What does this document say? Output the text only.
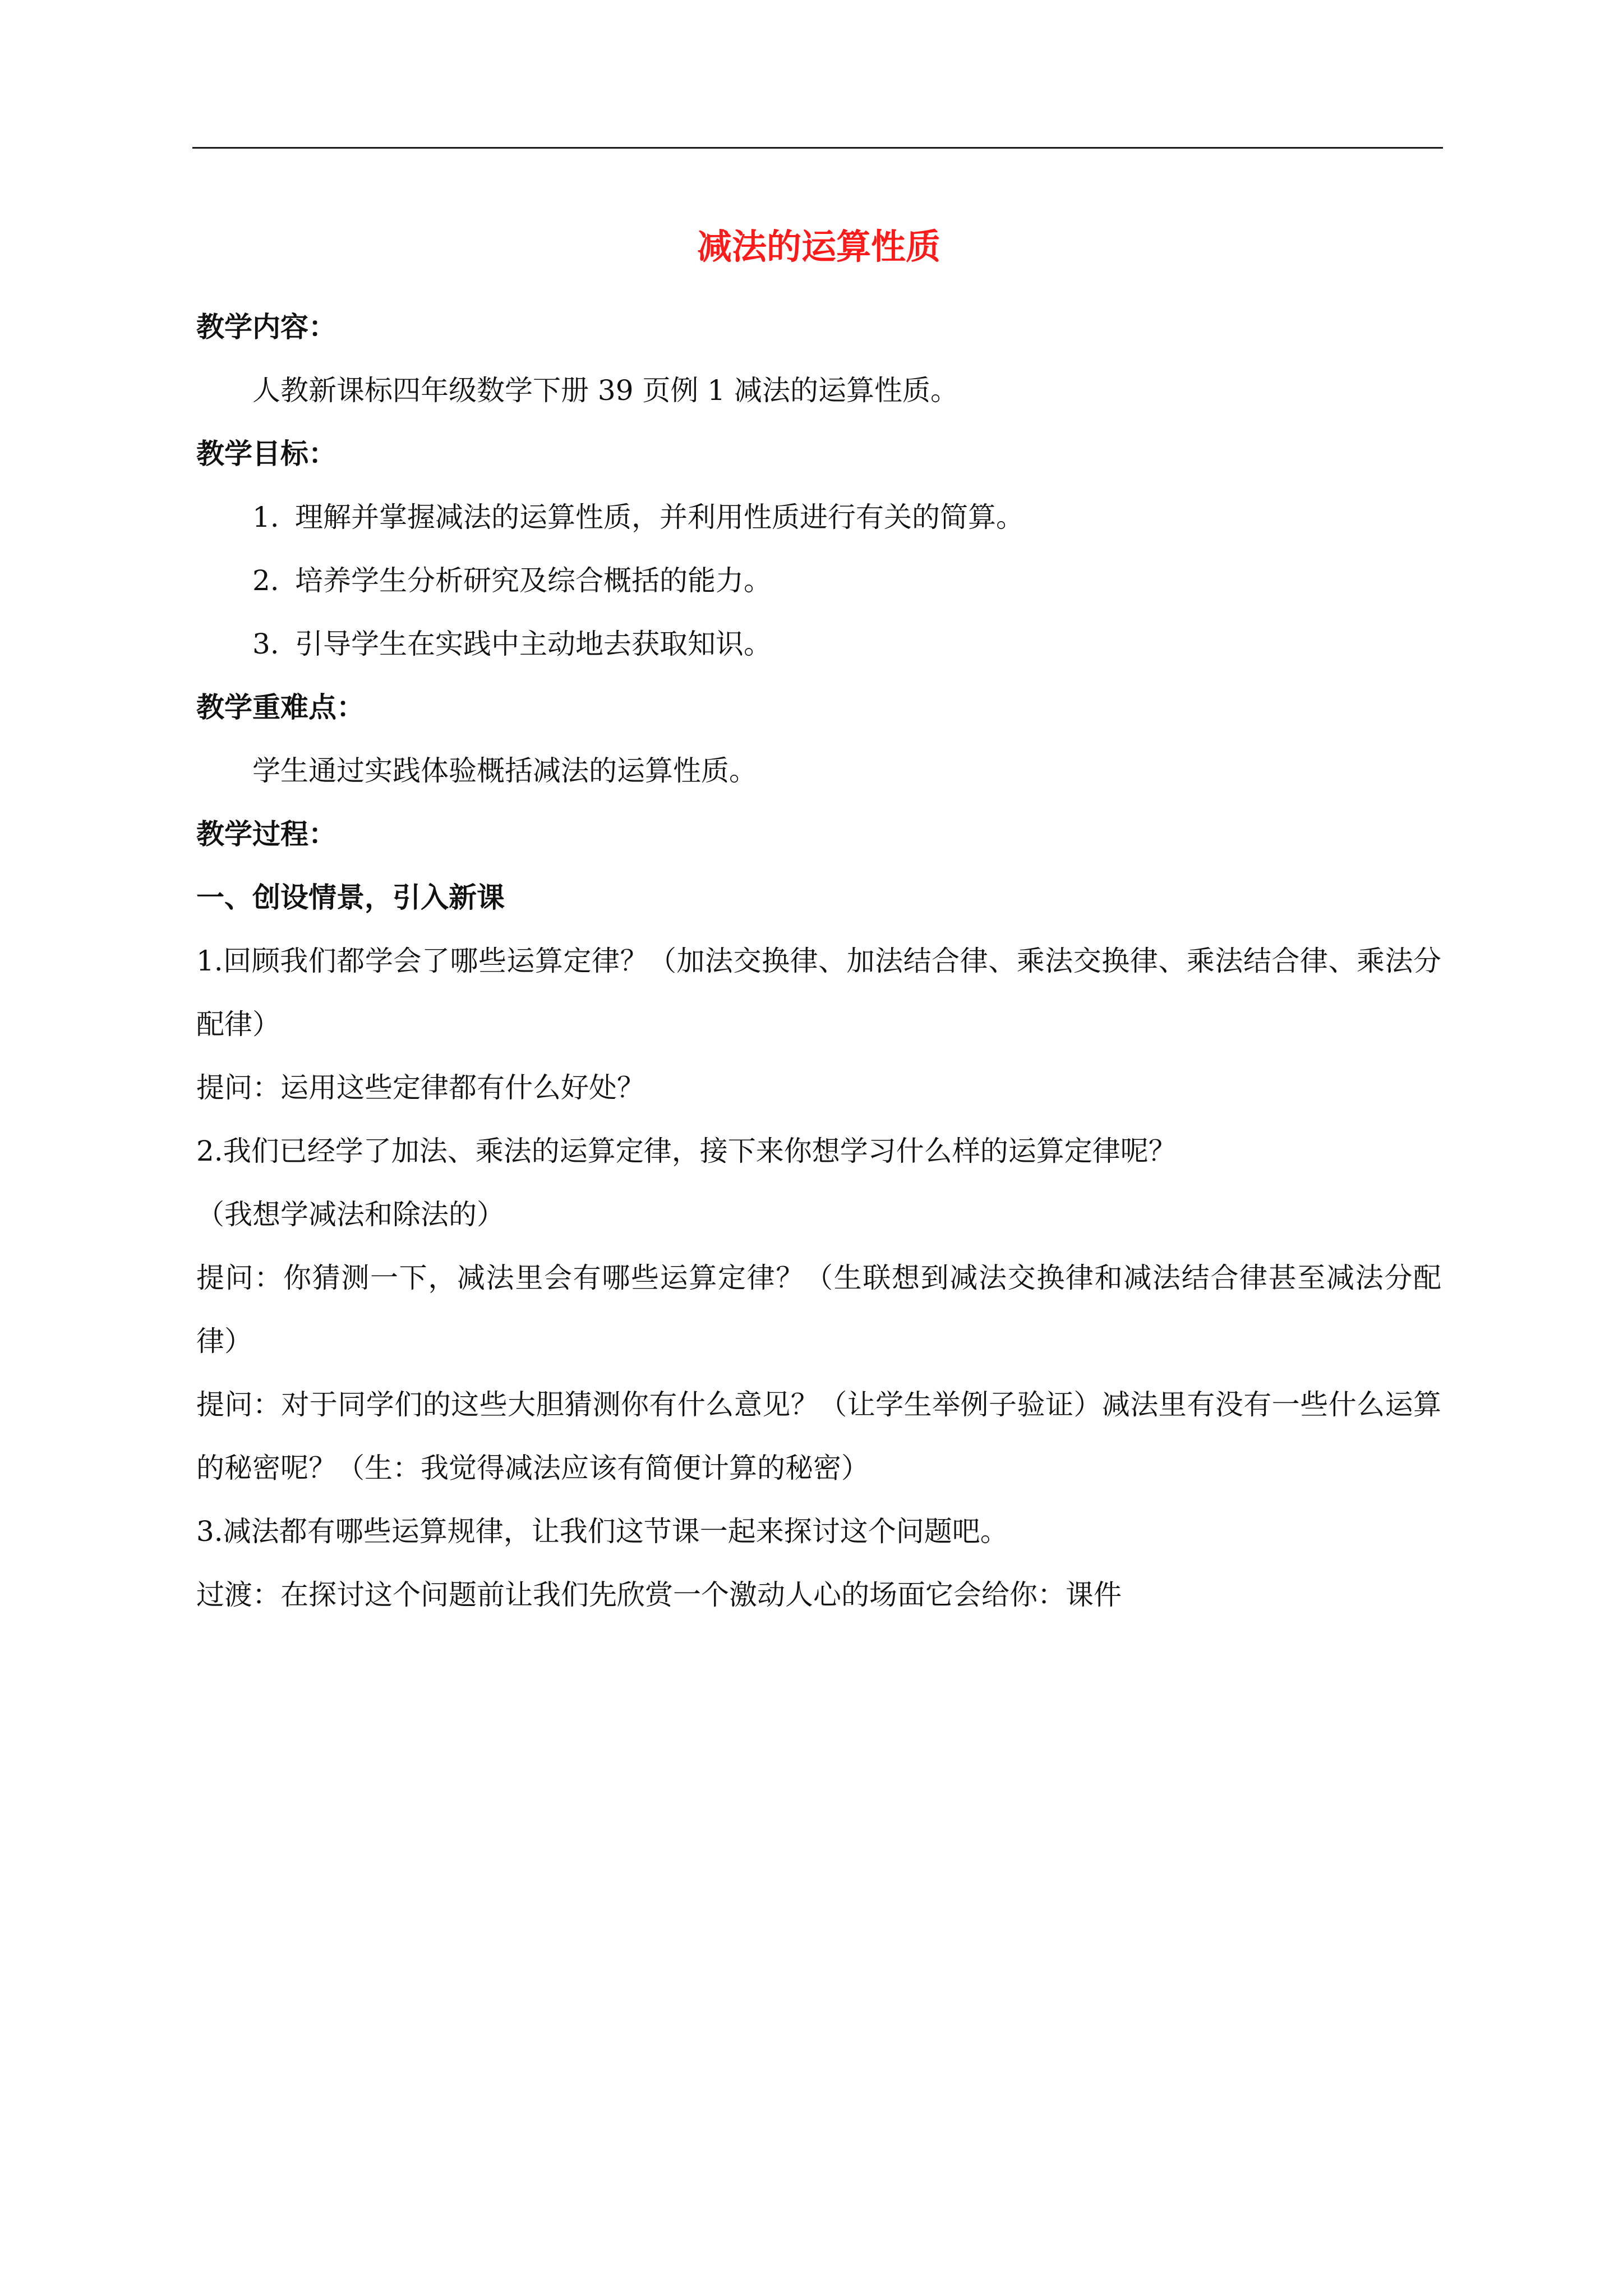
减法的运算性质

教学内容：

人教新课标四年级数学下册 39 页例 1 减法的运算性质。

教学目标：

1. 理解并掌握减法的运算性质，并利用性质进行有关的简算。

2. 培养学生分析研究及综合概括的能力。

3. 引导学生在实践中主动地去获取知识。

教学重难点：

学生通过实践体验概括减法的运算性质。

教学过程：

一、创设情景，引入新课

1.回顾我们都学会了哪些运算定律？（加法交换律、加法结合律、乘法交换律、乘法结合律、乘法分配律）

提问：运用这些定律都有什么好处？

2.我们已经学了加法、乘法的运算定律，接下来你想学习什么样的运算定律呢？

（我想学减法和除法的）

提问：你猜测一下，减法里会有哪些运算定律？（生联想到减法交换律和减法结合律甚至减法分配律）

提问：对于同学们的这些大胆猜测你有什么意见？（让学生举例子验证）减法里有没有一些什么运算的秘密呢？（生：我觉得减法应该有简便计算的秘密）

3.减法都有哪些运算规律，让我们这节课一起来探讨这个问题吧。

过渡：在探讨这个问题前让我们先欣赏一个激动人心的场面它会给你：课件
